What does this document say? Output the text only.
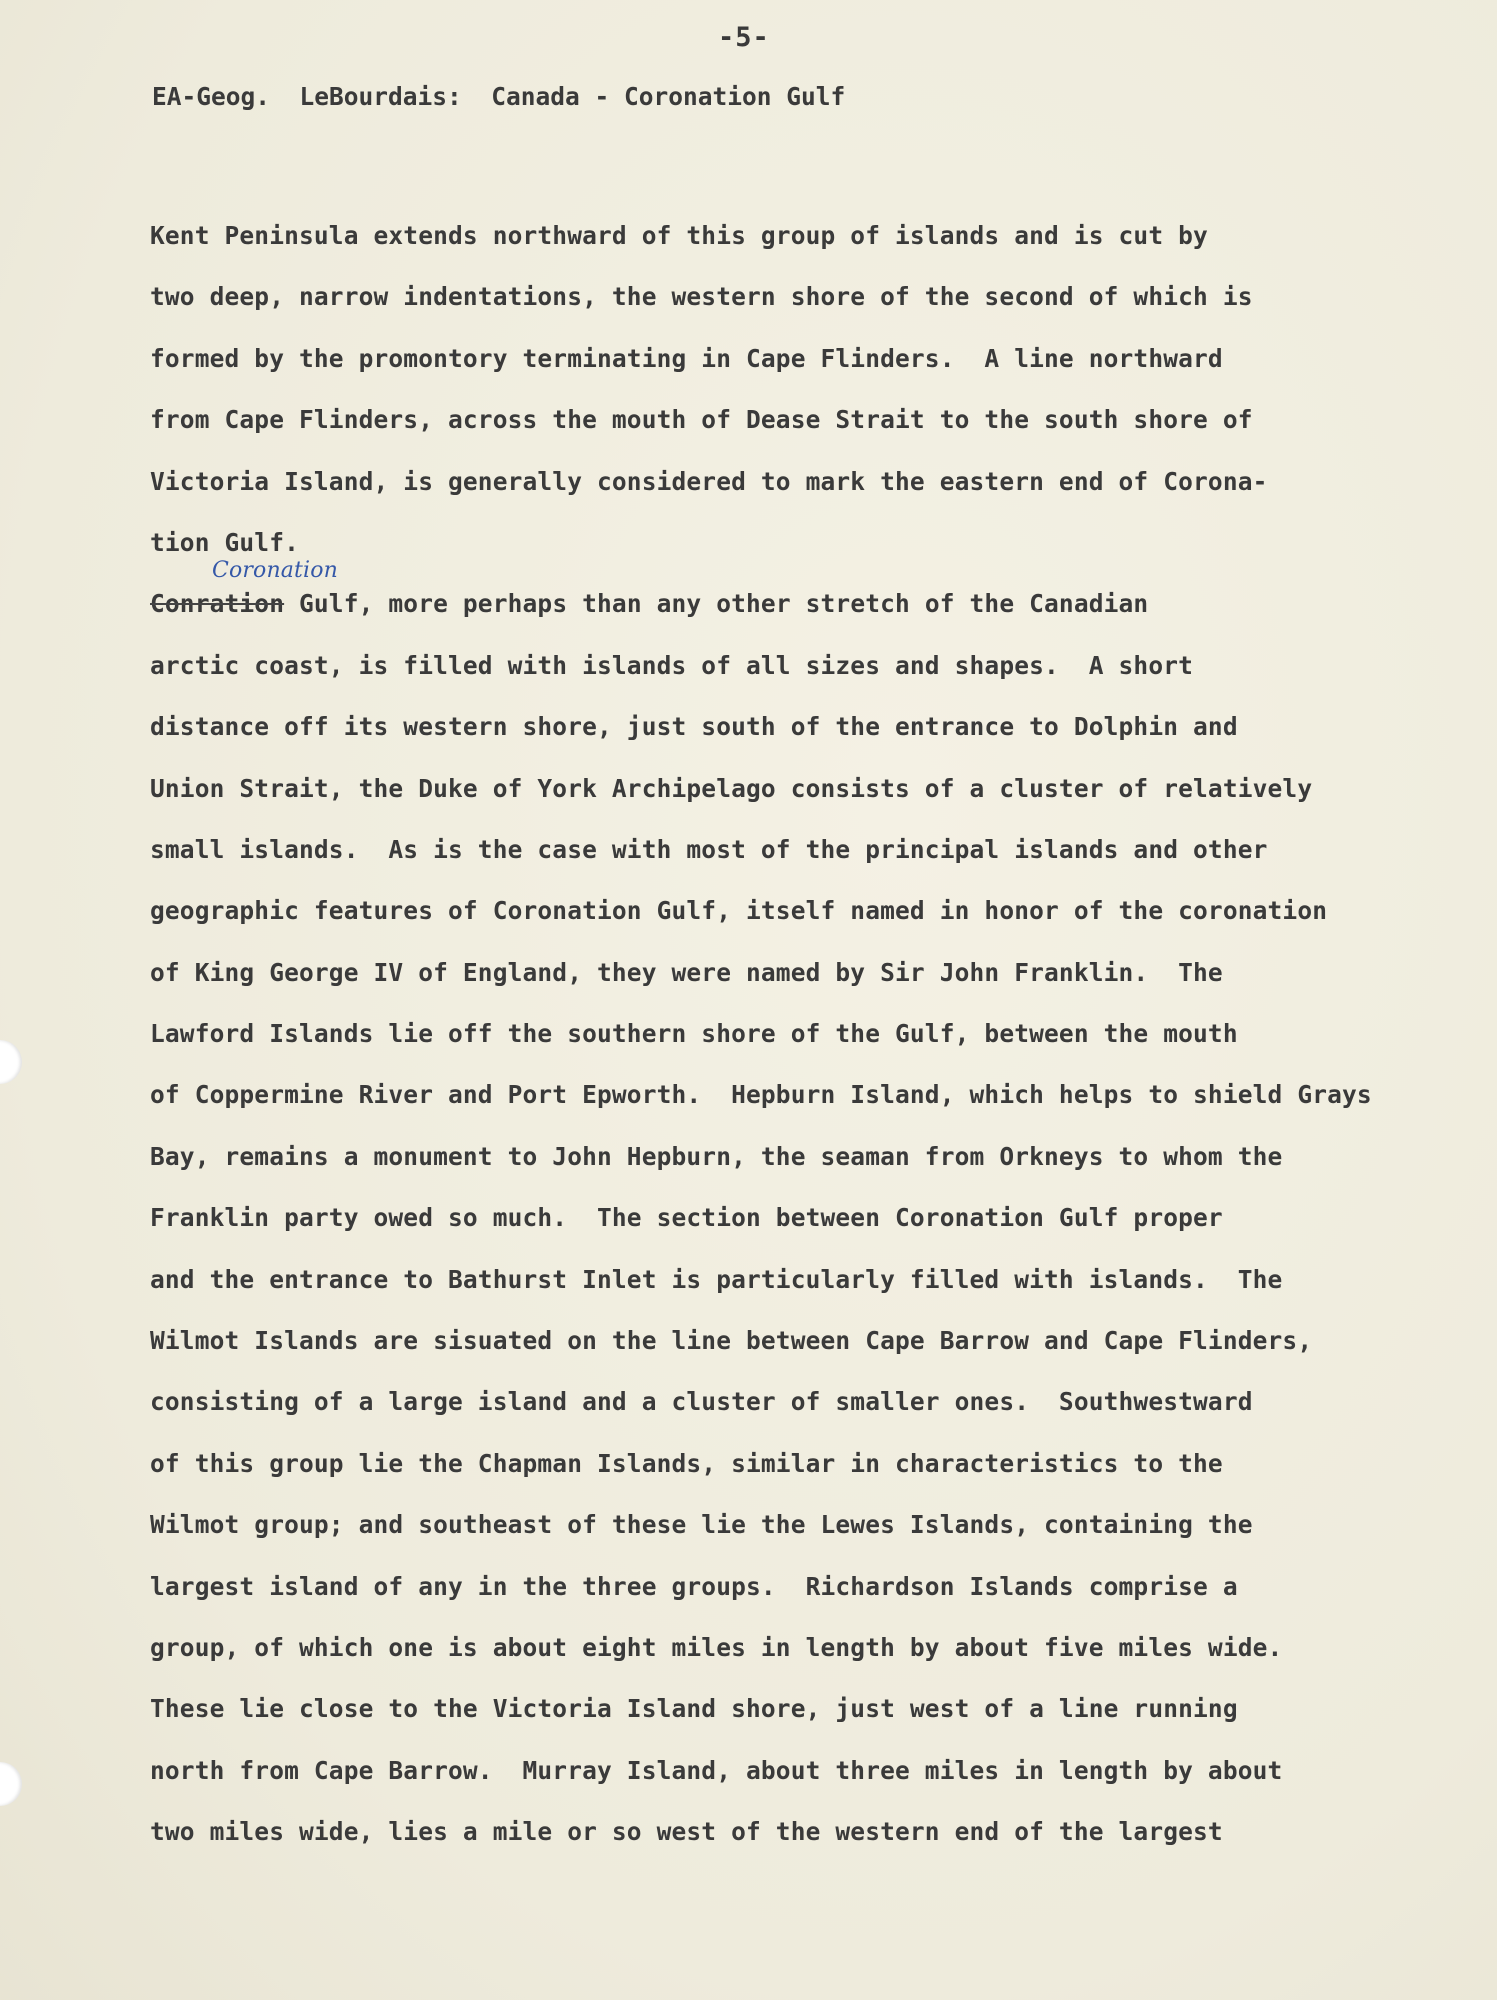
-5-
EA-Geog.  LeBourdais:  Canada - Coronation Gulf
Kent Peninsula extends northward of this group of islands and is cut by
two deep, narrow indentations, the western shore of the second of which is
formed by the promontory terminating in Cape Flinders.  A line northward
from Cape Flinders, across the mouth of Dease Strait to the south shore of
Victoria Island, is generally considered to mark the eastern end of Corona-
tion Gulf.
Coronation
Conration Gulf, more perhaps than any other stretch of the Canadian
arctic coast, is filled with islands of all sizes and shapes.  A short
distance off its western shore, just south of the entrance to Dolphin and
Union Strait, the Duke of York Archipelago consists of a cluster of relatively
small islands.  As is the case with most of the principal islands and other
geographic features of Coronation Gulf, itself named in honor of the coronation
of King George IV of England, they were named by Sir John Franklin.  The
Lawford Islands lie off the southern shore of the Gulf, between the mouth
of Coppermine River and Port Epworth.  Hepburn Island, which helps to shield Grays
Bay, remains a monument to John Hepburn, the seaman from Orkneys to whom the
Franklin party owed so much.  The section between Coronation Gulf proper
and the entrance to Bathurst Inlet is particularly filled with islands.  The
Wilmot Islands are sisuated on the line between Cape Barrow and Cape Flinders,
consisting of a large island and a cluster of smaller ones.  Southwestward
of this group lie the Chapman Islands, similar in characteristics to the
Wilmot group; and southeast of these lie the Lewes Islands, containing the
largest island of any in the three groups.  Richardson Islands comprise a
group, of which one is about eight miles in length by about five miles wide.
These lie close to the Victoria Island shore, just west of a line running
north from Cape Barrow.  Murray Island, about three miles in length by about
two miles wide, lies a mile or so west of the western end of the largest
